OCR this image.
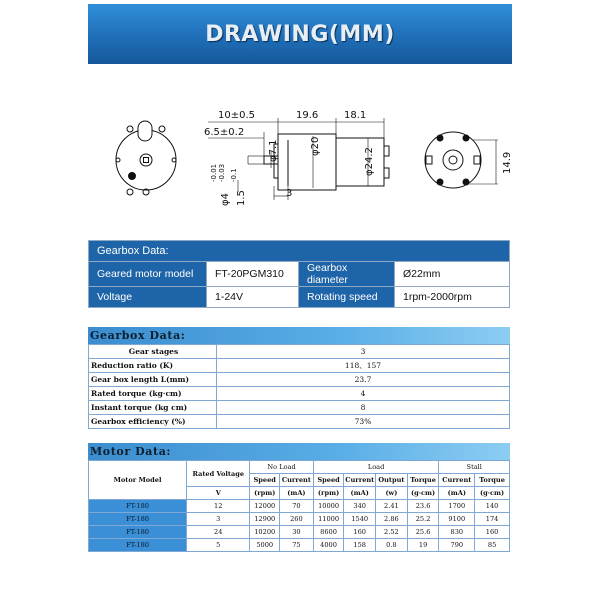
DRAWING(MM)
10±0.5
6.5±0.2
19.6	18.1
φ7.1	φ20
φ24.2
φ4
-0.01 -0.03
1.5
-0.1
3
14.9
Gearbox Data:			
Geared motor model	FT-20PGM310	Gearbox diameter	Ø22mm
Voltage	1-24V	Rotating speed	1rpm-2000rpm
Gearbox Data:
Gear stages	3
Reduction ratio (K)	118、157
Gear box length L(mm)	23.7
Rated torque (kg·cm)	4
Instant torque (kg cm)	8
Gearbox efficiency (%)	73%
Motor Data:
Motor Model	Rated Voltage	No Load		Load				Stall	
		Speed	Current	Speed	Current	Output	Torque	Current	Torque
	V	(rpm)	(mA)	(rpm)	(mA)	(w)	(g·cm)	(mA)	(g·cm)
FT-180	12	12000	70	10000	340	2.41	23.6	1700	140
FT-180	3	12900	260	11000	1540	2.86	25.2	9100	174
FT-180	24	10200	30	8600	160	2.52	25.6	830	160
FT-180	5	5000	75	4000	158	0.8	19	790	85
